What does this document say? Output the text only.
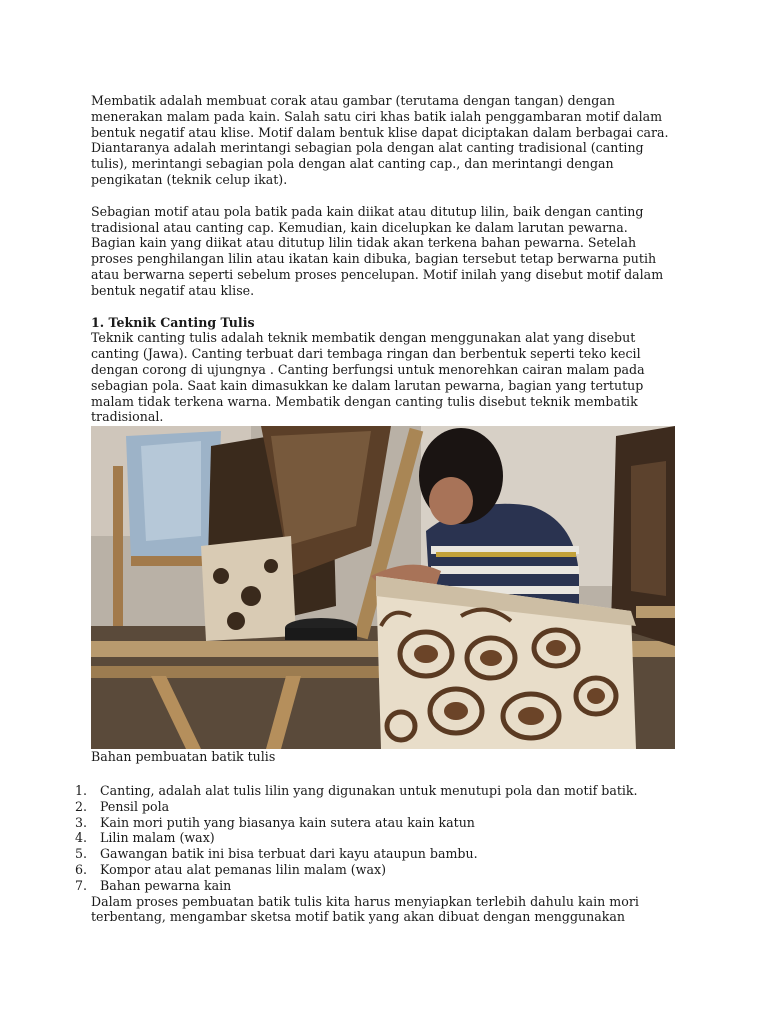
Membatik adalah membuat corak atau gambar (terutama dengan tangan) dengan menerakan malam pada kain. Salah satu ciri khas batik ialah penggambaran motif dalam bentuk negatif atau klise. Motif dalam bentuk klise dapat diciptakan dalam berbagai cara. Diantaranya adalah merintangi sebagian pola dengan alat canting tradisional (canting tulis), merintangi sebagian pola dengan alat canting cap., dan merintangi dengan pengikatan (teknik celup ikat).

Sebagian motif atau pola batik pada kain diikat atau ditutup lilin, baik dengan canting tradisional atau canting cap. Kemudian, kain dicelupkan ke dalam larutan pewarna. Bagian kain yang diikat atau ditutup lilin tidak akan terkena bahan pewarna. Setelah proses penghilangan lilin atau ikatan kain dibuka, bagian tersebut tetap berwarna putih atau berwarna seperti sebelum proses pencelupan. Motif inilah yang disebut motif dalam bentuk negatif atau klise.

1. Teknik Canting Tulis

Teknik canting tulis adalah teknik membatik dengan menggunakan alat yang disebut canting (Jawa). Canting terbuat dari tembaga ringan dan berbentuk seperti teko kecil dengan corong di ujungnya . Canting berfungsi untuk menorehkan cairan malam pada sebagian pola. Saat kain dimasukkan ke dalam larutan pewarna, bagian yang tertutup malam tidak terkena warna. Membatik dengan canting tulis disebut teknik membatik tradisional.

Bahan pembuatan batik tulis

1.	Canting, adalah alat tulis lilin yang digunakan untuk menutupi pola dan motif batik.
2.	Pensil pola
3.	Kain mori putih yang biasanya kain sutera atau kain katun
4.	Lilin malam (wax)
5.	Gawangan batik ini bisa terbuat dari kayu ataupun bambu.
6.	Kompor atau alat pemanas lilin malam (wax)
7.	Bahan pewarna kain

Dalam proses pembuatan batik tulis kita harus menyiapkan terlebih dahulu kain mori terbentang, mengambar sketsa motif batik yang akan dibuat dengan menggunakan
